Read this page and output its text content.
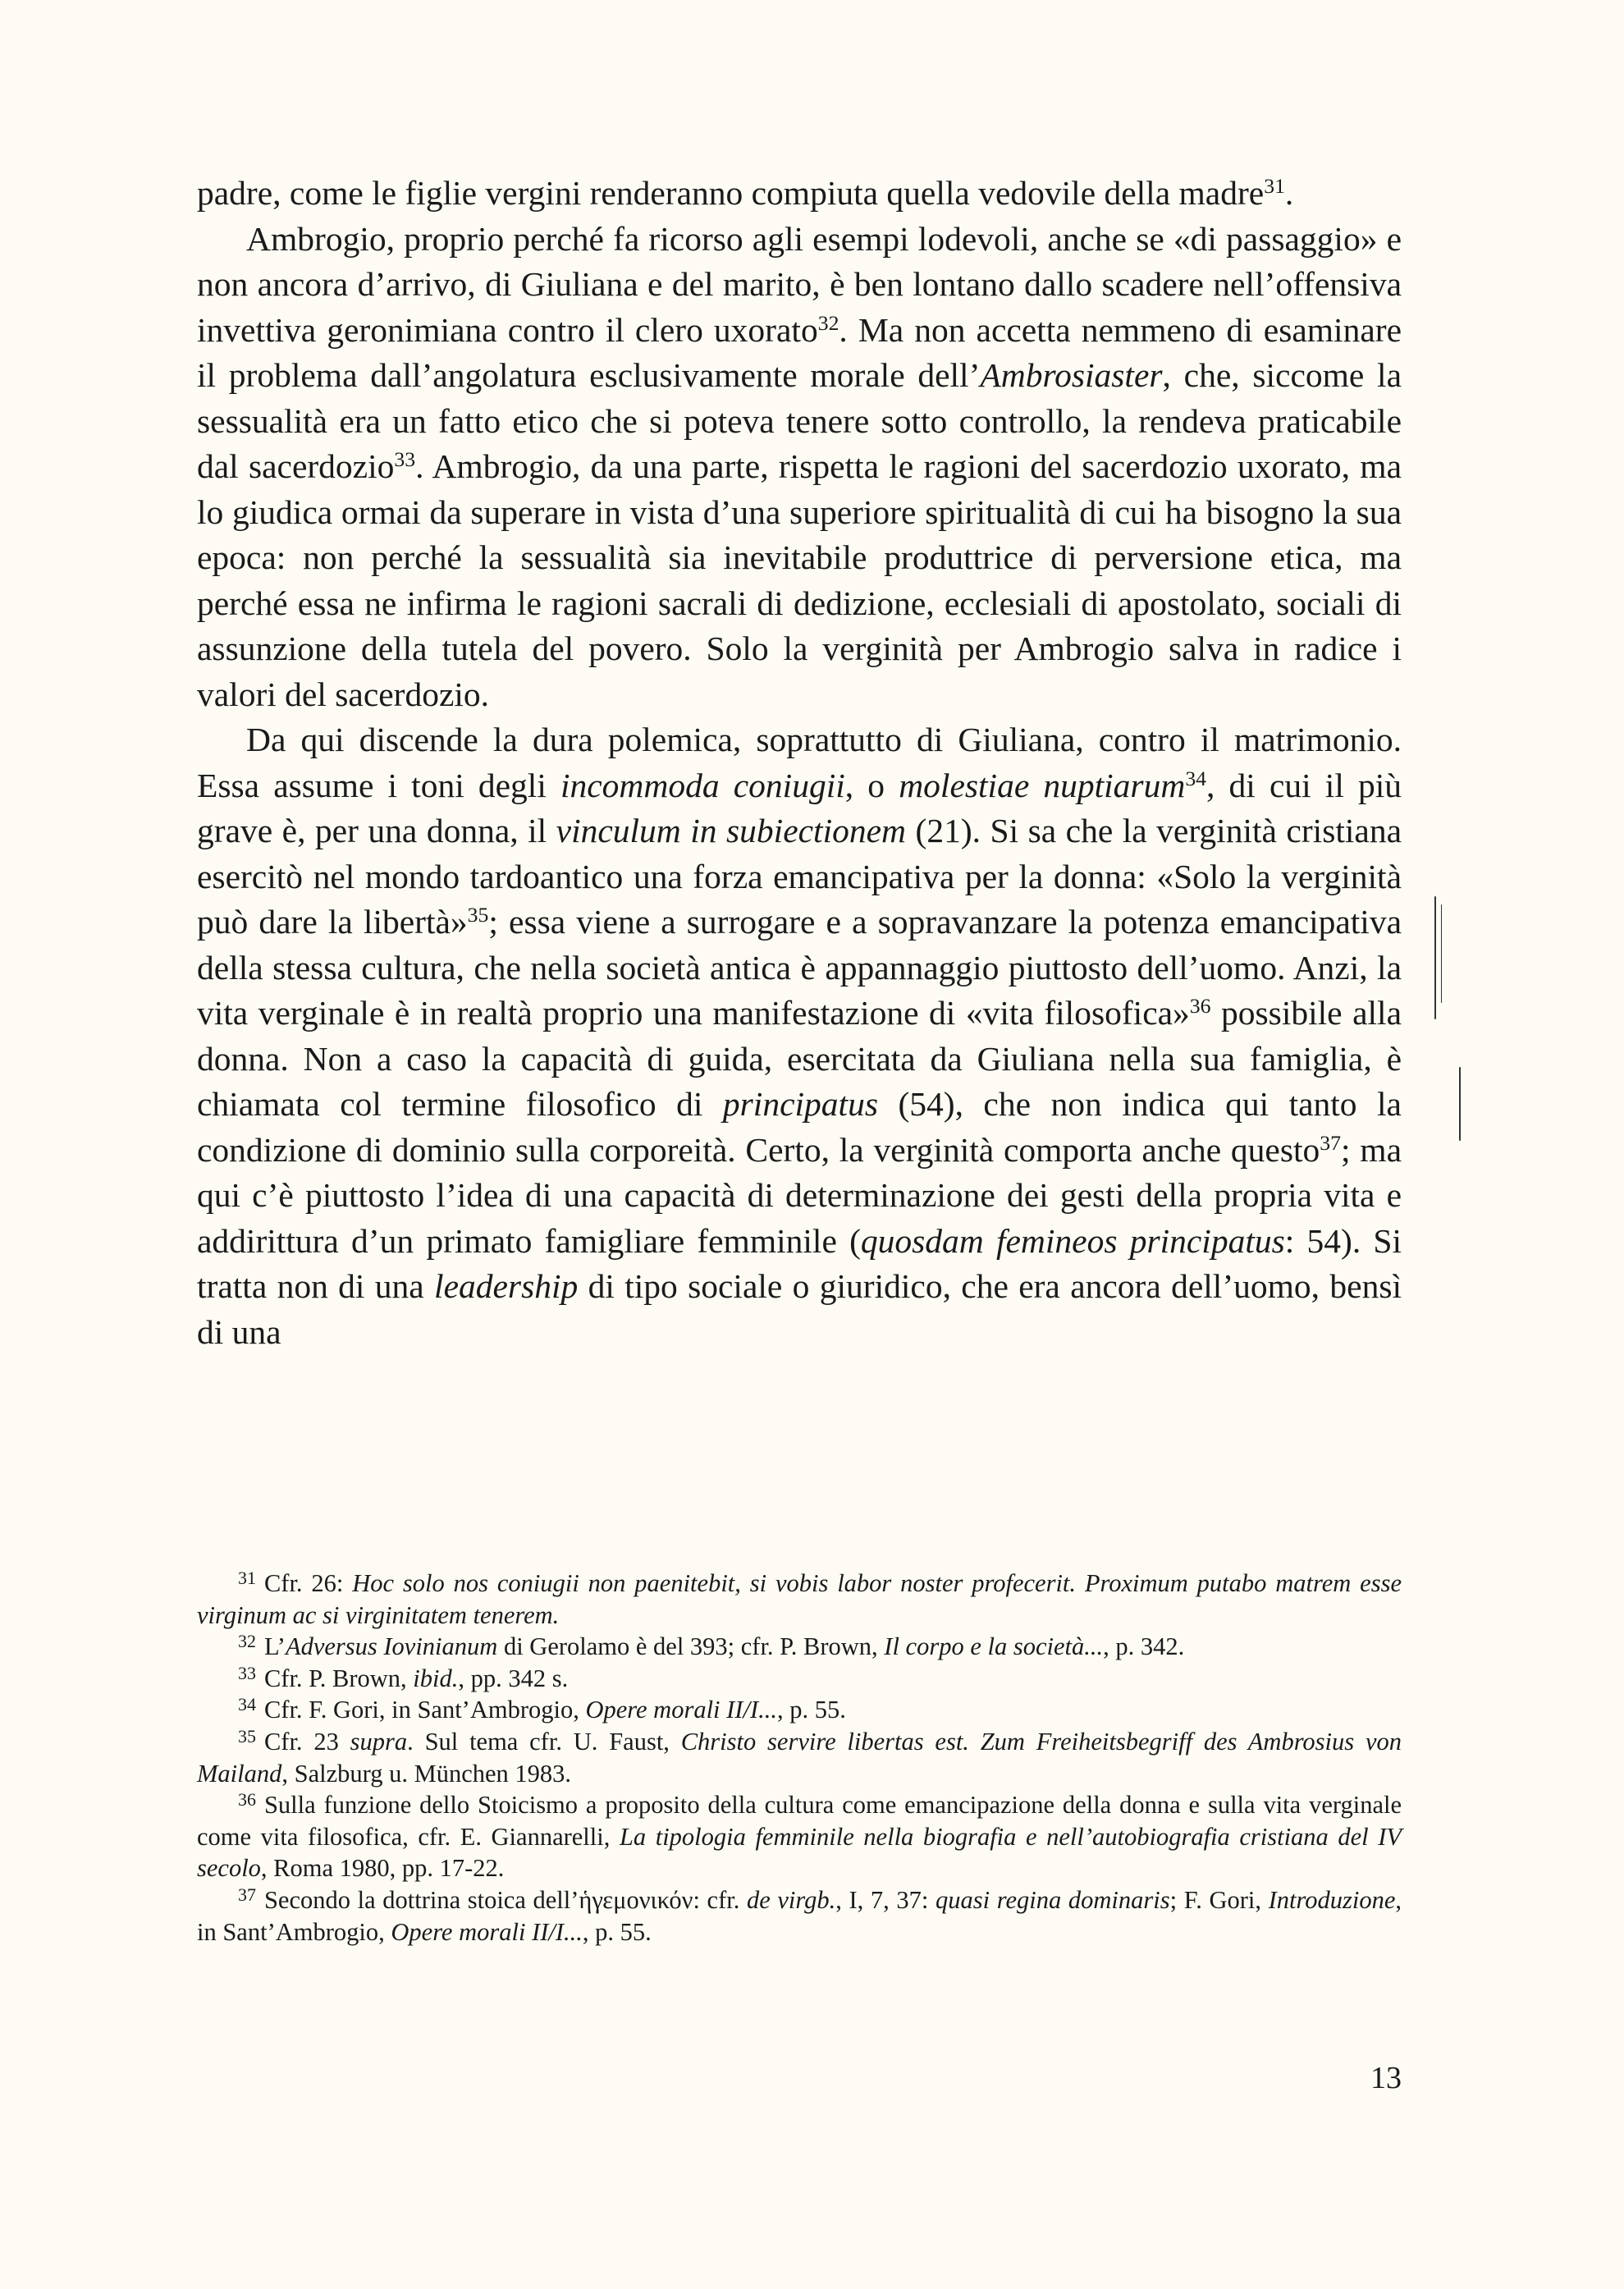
padre, come le figlie vergini renderanno compiuta quella vedovile della madre$^{31}$.

Ambrogio, proprio perché fa ricorso agli esempi lodevoli, anche se «di passaggio» e non ancora d’arrivo, di Giuliana e del marito, è ben lontano dallo scadere nell’offensiva invettiva geronimiana contro il clero uxorato$^{32}$. Ma non accetta nemmeno di esaminare il problema dall’angolatura esclusivamente morale dell’Ambrosiaster, che, siccome la sessualità era un fatto etico che si poteva tenere sotto controllo, la rendeva praticabile dal sacerdozio$^{33}$. Ambrogio, da una parte, rispetta le ragioni del sacerdozio uxorato, ma lo giudica ormai da superare in vista d’una superiore spiritualità di cui ha bisogno la sua epoca: non perché la sessualità sia inevitabile produttrice di perversione etica, ma perché essa ne infirma le ragioni sacrali di dedizione, ecclesiali di apostolato, sociali di assunzione della tutela del povero. Solo la verginità per Ambrogio salva in radice i valori del sacerdozio.

Da qui discende la dura polemica, soprattutto di Giuliana, contro il matrimonio. Essa assume i toni degli incommoda coniugii, o molestiae nuptiarum$^{34}$, di cui il più grave è, per una donna, il vinculum in subiectionem (21). Si sa che la verginità cristiana esercitò nel mondo tardoantico una forza emancipativa per la donna: «Solo la verginità può dare la libertà»$^{35}$; essa viene a surrogare e a sopravanzare la potenza emancipativa della stessa cultura, che nella società antica è appannaggio piuttosto dell’uomo. Anzi, la vita verginale è in realtà proprio una manifestazione di «vita filosofica»$^{36}$ possibile alla donna. Non a caso la capacità di guida, esercitata da Giuliana nella sua famiglia, è chiamata col termine filosofico di principatus (54), che non indica qui tanto la condizione di dominio sulla corporeità. Certo, la verginità comporta anche questo$^{37}$; ma qui c’è piuttosto l’idea di una capacità di determinazione dei gesti della propria vita e addirittura d’un primato famigliare femminile (quosdam femineos principatus: 54). Si tratta non di una leadership di tipo sociale o giuridico, che era ancora dell’uomo, bensì di una

$^{31}$ Cfr. 26: Hoc solo nos coniugii non paenitebit, si vobis labor noster profecerit. Proximum putabo matrem esse virginum ac si virginitatem tenerem.

$^{32}$ L’Adversus Iovinianum di Gerolamo è del 393; cfr. P. Brown, Il corpo e la società..., p. 342.

$^{33}$ Cfr. P. Brown, ibid., pp. 342 s.

$^{34}$ Cfr. F. Gori, in Sant’Ambrogio, Opere morali II/I..., p. 55.

$^{35}$ Cfr. 23 supra. Sul tema cfr. U. Faust, Christo servire libertas est. Zum Freiheitsbegriff des Ambrosius von Mailand, Salzburg u. München 1983.

$^{36}$ Sulla funzione dello Stoicismo a proposito della cultura come emancipazione della donna e sulla vita verginale come vita filosofica, cfr. E. Giannarelli, La tipologia femminile nella biografia e nell’autobiografia cristiana del IV secolo, Roma 1980, pp. 17-22.

$^{37}$ Secondo la dottrina stoica dell’ἡγεμονικόν: cfr. de virgb., I, 7, 37: quasi regina dominaris; F. Gori, Introduzione, in Sant’Ambrogio, Opere morali II/I..., p. 55.

13
